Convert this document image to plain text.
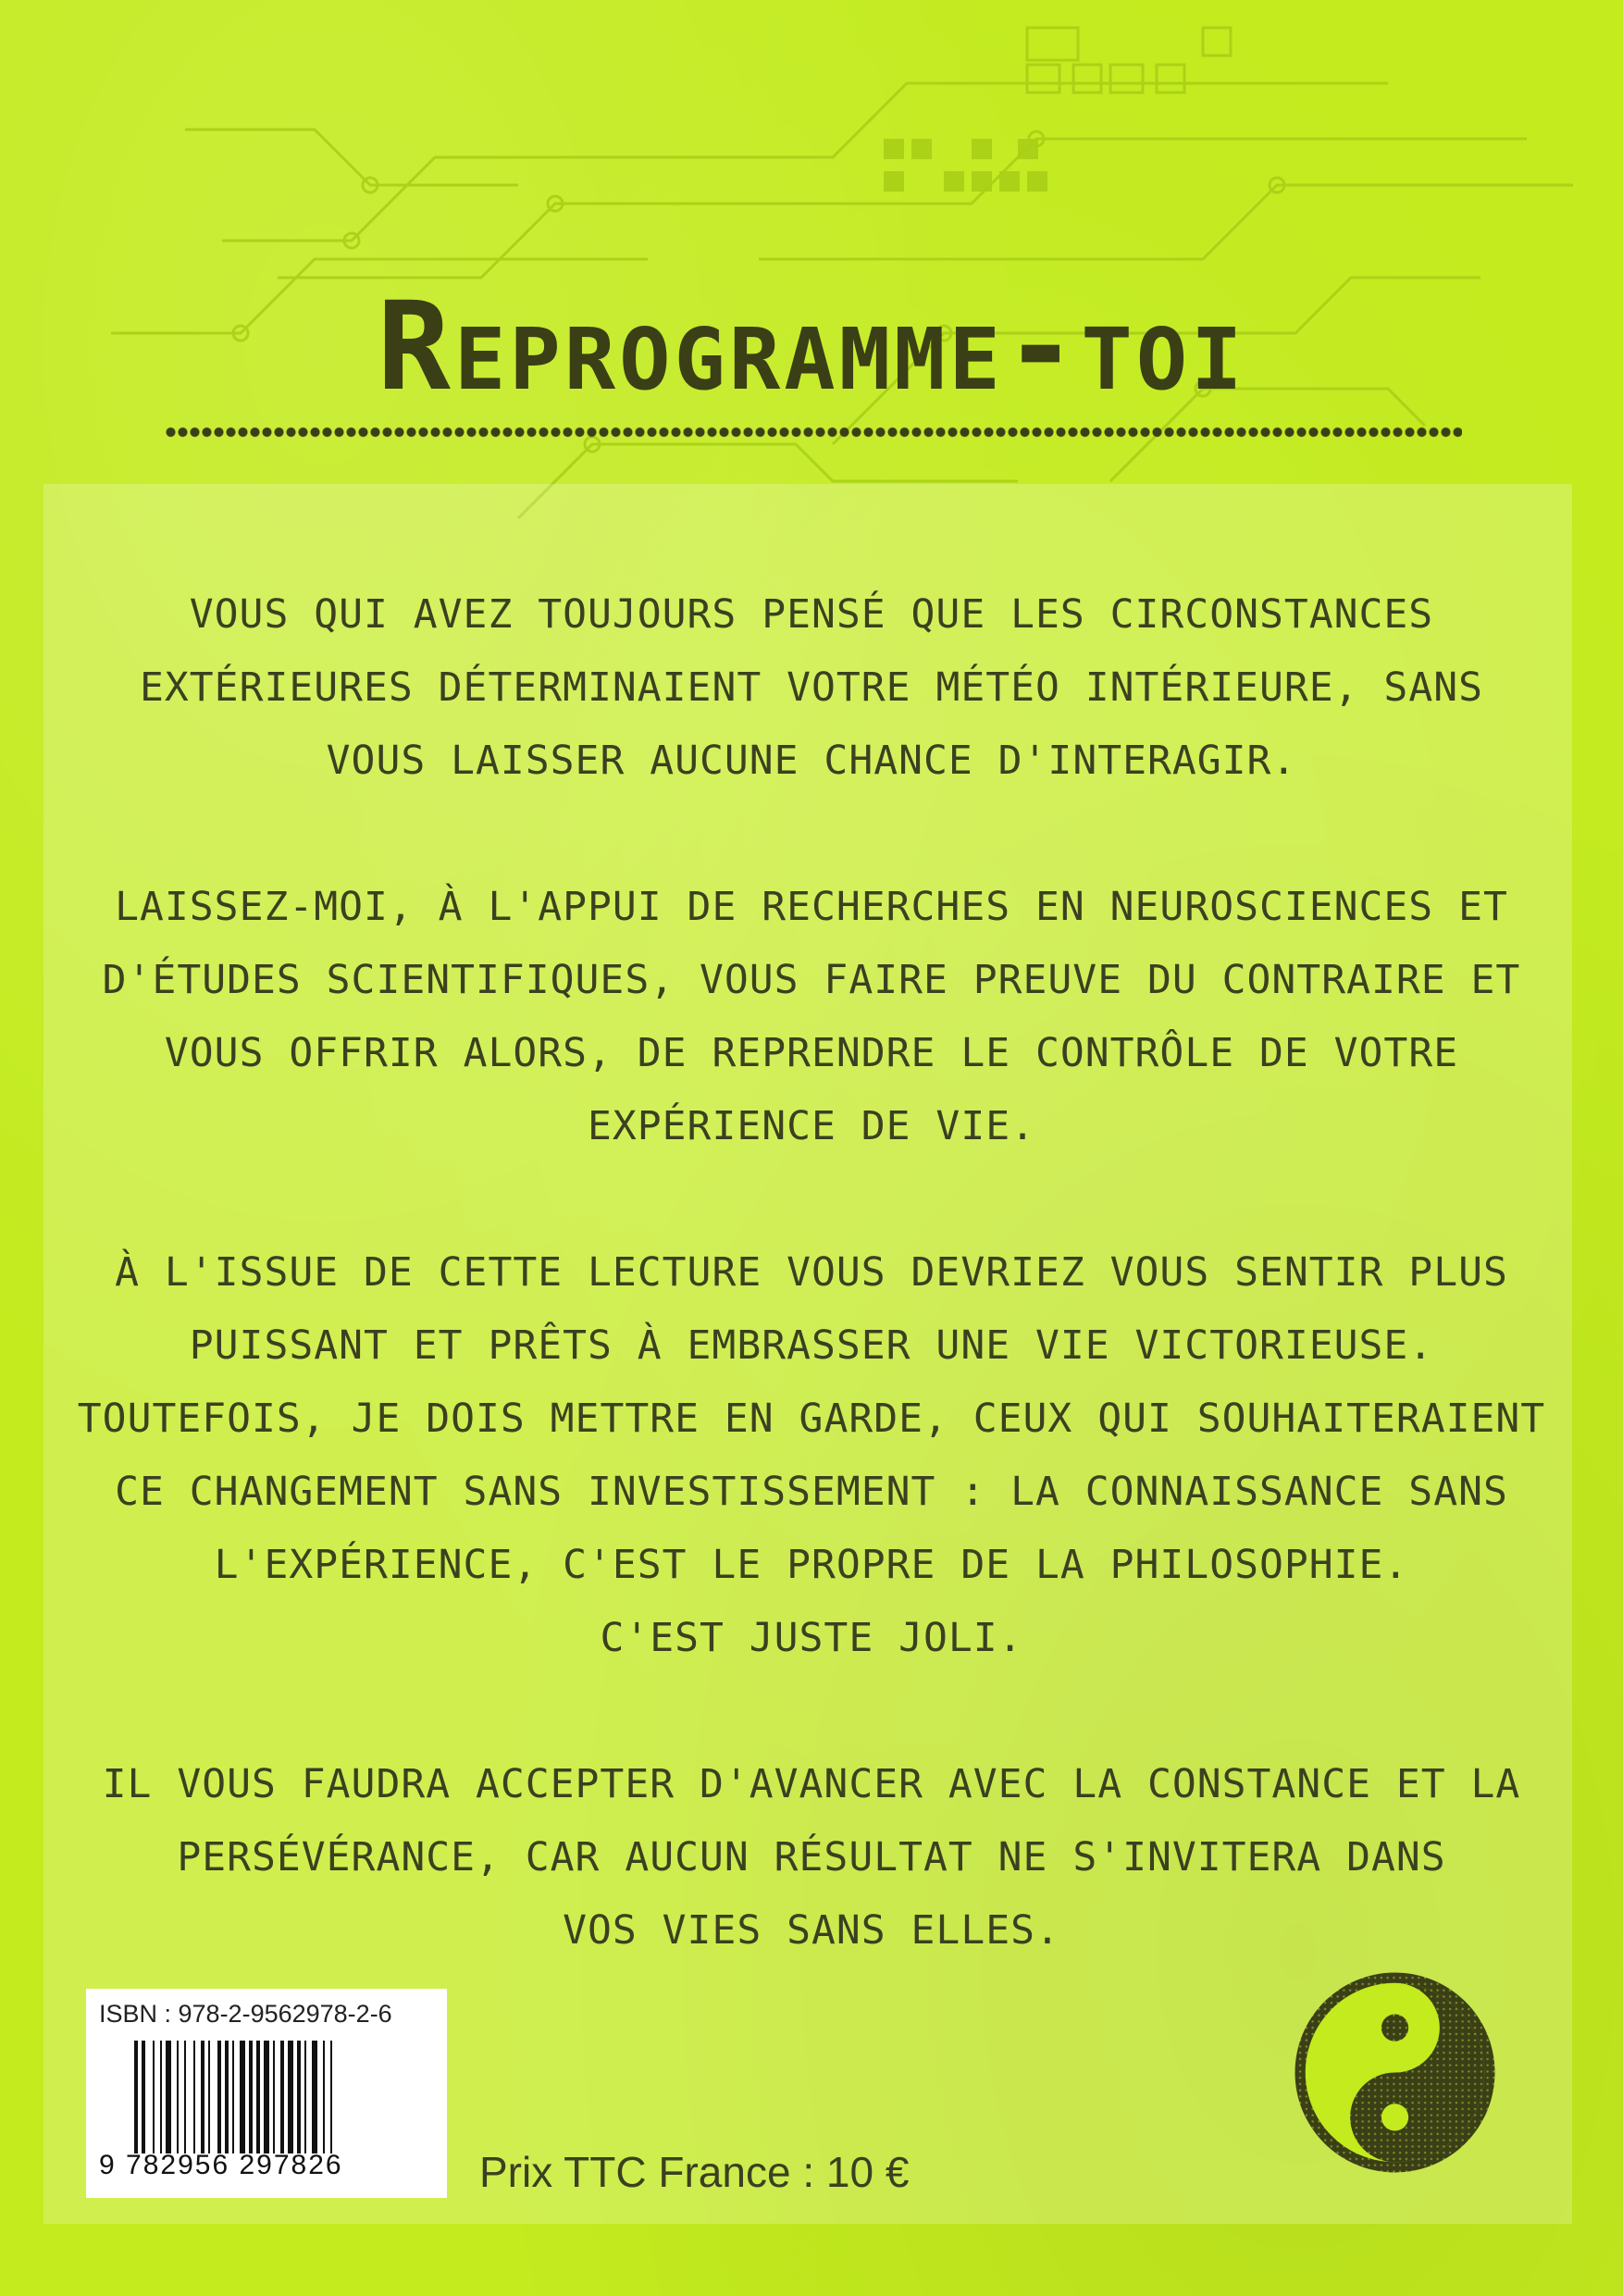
Reprogramme-toi
VOUS QUI AVEZ TOUJOURS PENSÉ QUE LES CIRCONSTANCES
EXTÉRIEURES DÉTERMINAIENT VOTRE MÉTÉO INTÉRIEURE, SANS
VOUS LAISSER AUCUNE CHANCE D'INTERAGIR.
LAISSEZ-MOI, À L'APPUI DE RECHERCHES EN NEUROSCIENCES ET
D'ÉTUDES SCIENTIFIQUES, VOUS FAIRE PREUVE DU CONTRAIRE ET
VOUS OFFRIR ALORS, DE REPRENDRE LE CONTRÔLE DE VOTRE
EXPÉRIENCE DE VIE.
À L'ISSUE DE CETTE LECTURE VOUS DEVRIEZ VOUS SENTIR PLUS
PUISSANT ET PRÊTS À EMBRASSER UNE VIE VICTORIEUSE.
TOUTEFOIS, JE DOIS METTRE EN GARDE, CEUX QUI SOUHAITERAIENT
CE CHANGEMENT SANS INVESTISSEMENT : LA CONNAISSANCE SANS
L'EXPÉRIENCE, C'EST LE PROPRE DE LA PHILOSOPHIE.
C'EST JUSTE JOLI.
IL VOUS FAUDRA ACCEPTER D'AVANCER AVEC LA CONSTANCE ET LA
PERSÉVÉRANCE, CAR AUCUN RÉSULTAT NE S'INVITERA DANS
VOS VIES SANS ELLES.
ISBN : 978-2-9562978-2-6
9 782956 297826	Prix TTC France : 10 €
